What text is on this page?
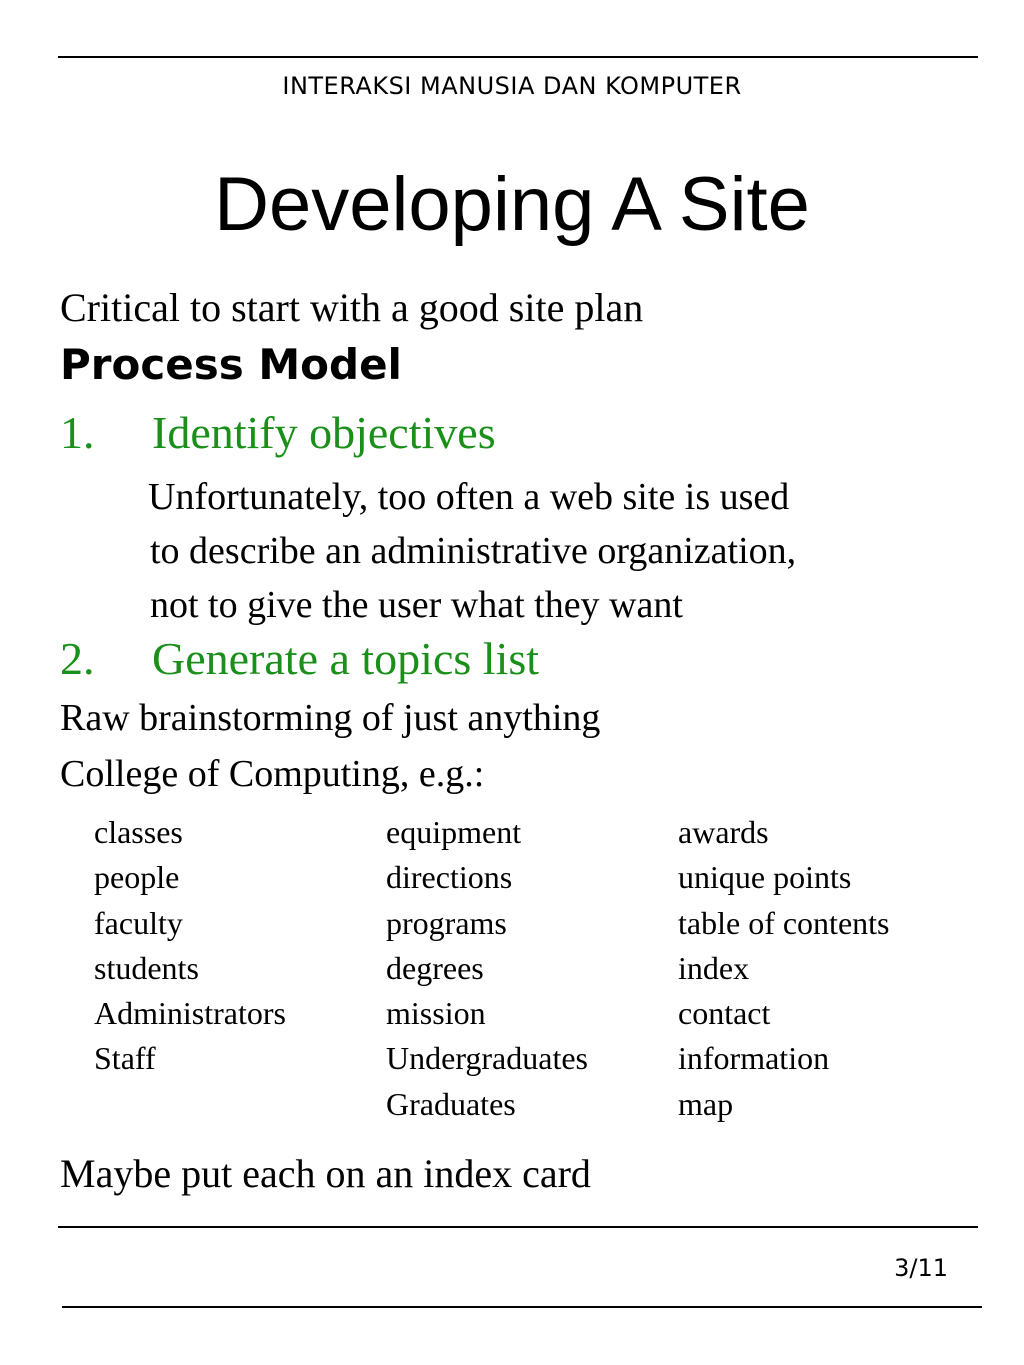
INTERAKSI MANUSIA DAN KOMPUTER
Developing A Site
Critical to start with a good site plan
Process Model
1. Identify objectives
Unfortunately, too often a web site is used
to describe an administrative organization,
not to give the user what they want
2. Generate a topics list
Raw brainstorming of just anything
College of Computing, e.g.:
classes
people
faculty
students
Administrators
Staff
equipment
directions
programs
degrees
mission
Undergraduates
Graduates
awards
unique points
table of contents
index
contact
information
map
Maybe put each on an index card
3/11
